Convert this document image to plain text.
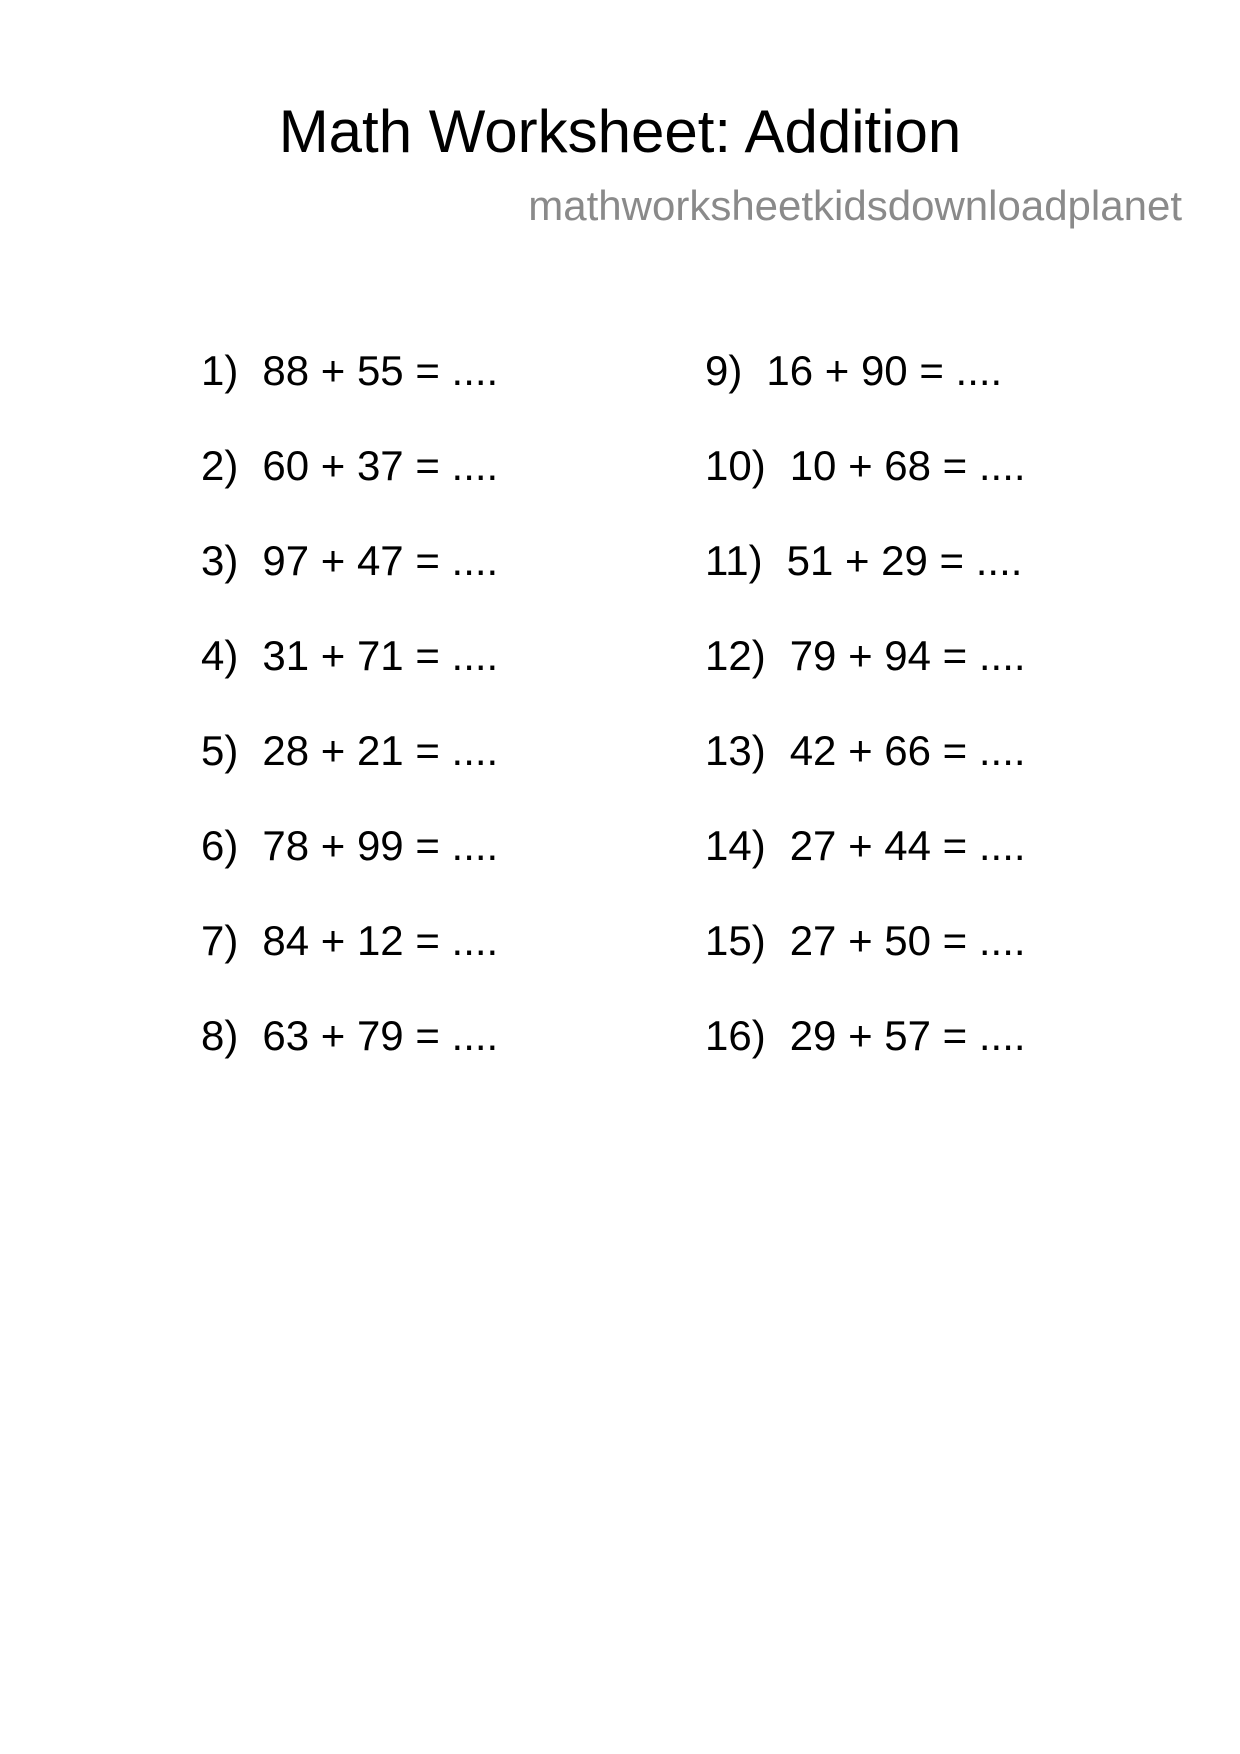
Math Worksheet: Addition
mathworksheetkidsdownloadplanet
1) 88 + 55 = ....
2) 60 + 37 = ....
3) 97 + 47 = ....
4) 31 + 71 = ....
5) 28 + 21 = ....
6) 78 + 99 = ....
7) 84 + 12 = ....
8) 63 + 79 = ....
9) 16 + 90 = ....
10) 10 + 68 = ....
11) 51 + 29 = ....
12) 79 + 94 = ....
13) 42 + 66 = ....
14) 27 + 44 = ....
15) 27 + 50 = ....
16) 29 + 57 = ....
